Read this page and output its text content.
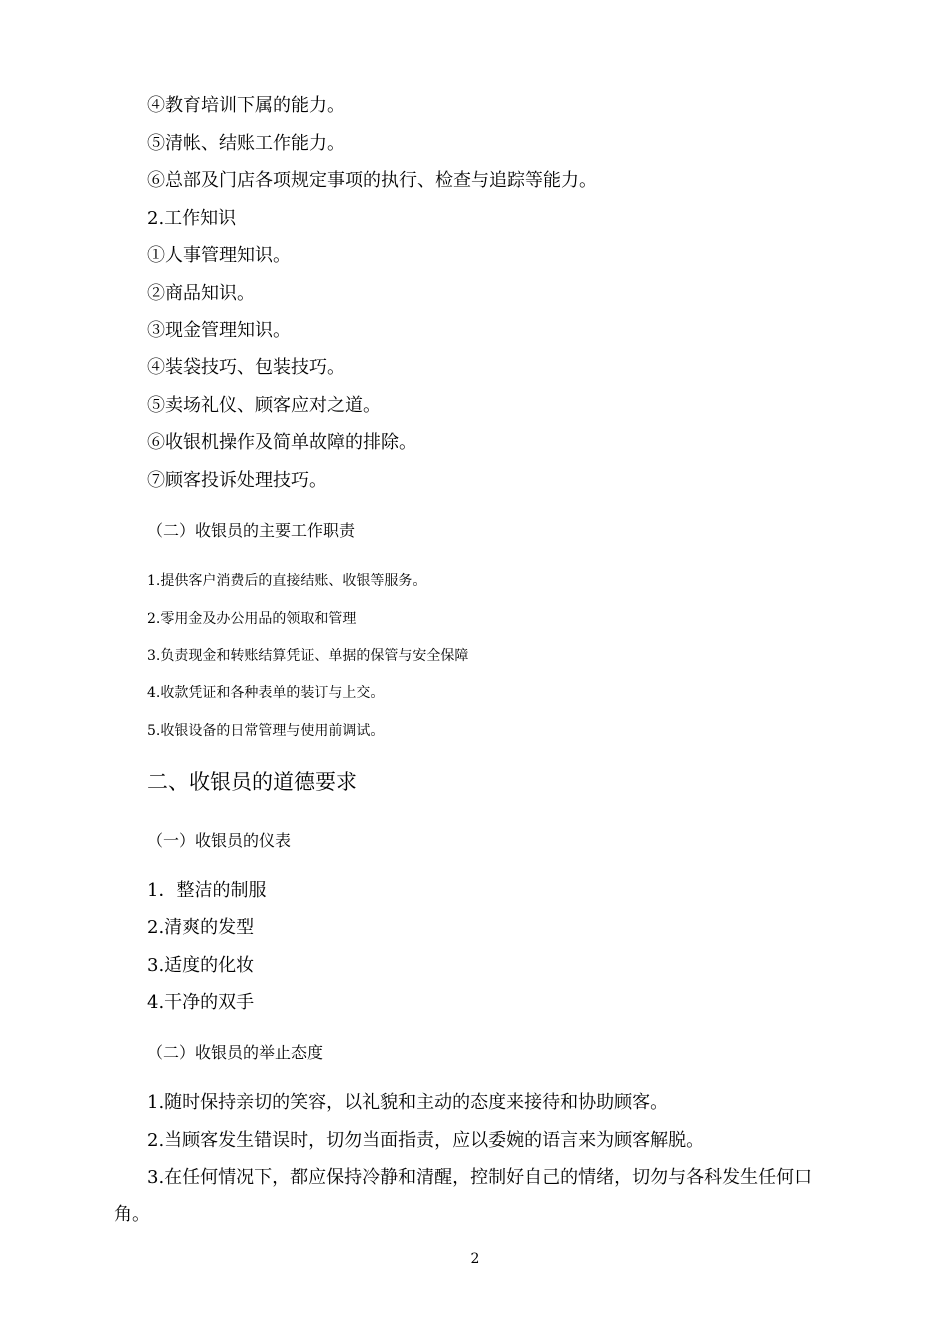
④教育培训下属的能力。
⑤清帐、结账工作能力。
⑥总部及门店各项规定事项的执行、检查与追踪等能力。
2.工作知识
①人事管理知识。
②商品知识。
③现金管理知识。
④装袋技巧、包装技巧。
⑤卖场礼仪、顾客应对之道。
⑥收银机操作及简单故障的排除。
⑦顾客投诉处理技巧。
（二）收银员的主要工作职责
1.提供客户消费后的直接结账、收银等服务。
2.零用金及办公用品的领取和管理
3.负责现金和转账结算凭证、单据的保管与安全保障
4.收款凭证和各种表单的装订与上交。
5.收银设备的日常管理与使用前调试。
二、收银员的道德要求
（一）收银员的仪表
1．整洁的制服
2.清爽的发型
3.适度的化妆
4.干净的双手
（二）收银员的举止态度
1.随时保持亲切的笑容，以礼貌和主动的态度来接待和协助顾客。
2.当顾客发生错误时，切勿当面指责，应以委婉的语言来为顾客解脱。
3.在任何情况下，都应保持冷静和清醒，控制好自己的情绪，切勿与各科发生任何口角。
2
